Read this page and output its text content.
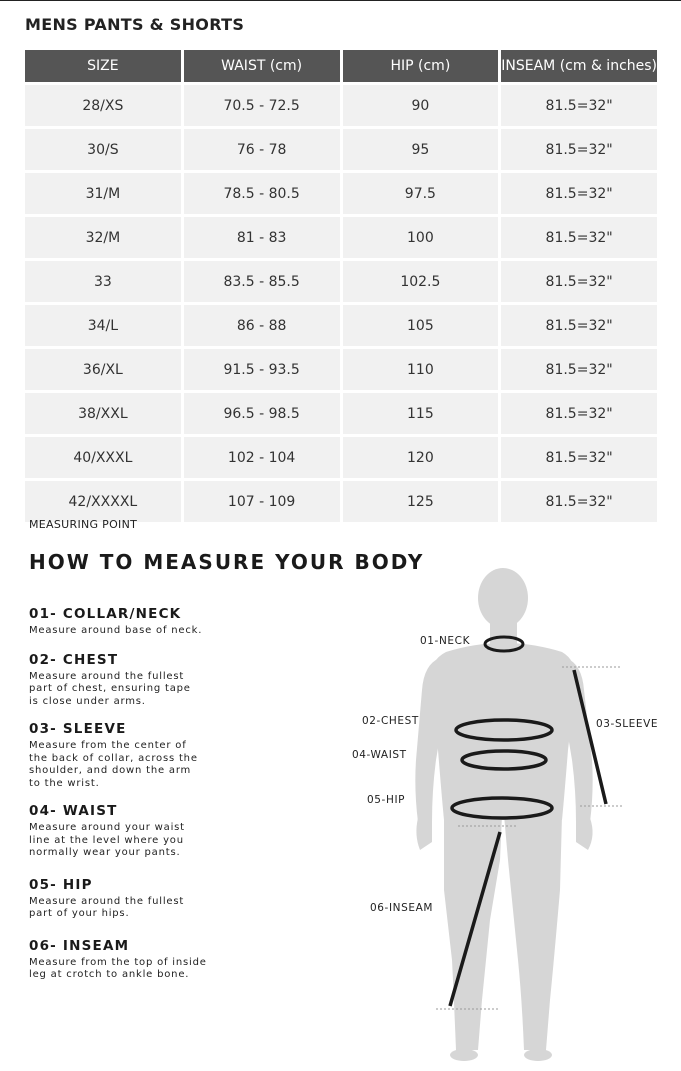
MENS PANTS & SHORTS
SIZE	WAIST (cm)	HIP (cm)	INSEAM (cm & inches)
28/XS	70.5 - 72.5	90	81.5=32"
30/S	76 - 78	95	81.5=32"
31/M	78.5 - 80.5	97.5	81.5=32"
32/M	81 - 83	100	81.5=32"
33	83.5 - 85.5	102.5	81.5=32"
34/L	86 - 88	105	81.5=32"
36/XL	91.5 - 93.5	110	81.5=32"
38/XXL	96.5 - 98.5	115	81.5=32"
40/XXXL	102 - 104	120	81.5=32"
42/XXXXL	107 - 109	125	81.5=32"
MEASURING POINT
HOW TO MEASURE YOUR BODY

01- COLLAR/NECK

Measure around base of neck.

02- CHEST

Measure around the fullest
part of chest, ensuring tape
is close under arms.

03- SLEEVE

Measure from the center of
the back of collar, across the
shoulder, and down the arm
to the wrist.

04- WAIST

Measure around your waist
line at the level where you
normally wear your pants.

05- HIP

Measure around the fullest
part of your hips.

06- INSEAM

Measure from the top of inside
leg at crotch to ankle bone.

01-NECK
02-CHEST
04-WAIST
05-HIP
03-SLEEVE
06-INSEAM
